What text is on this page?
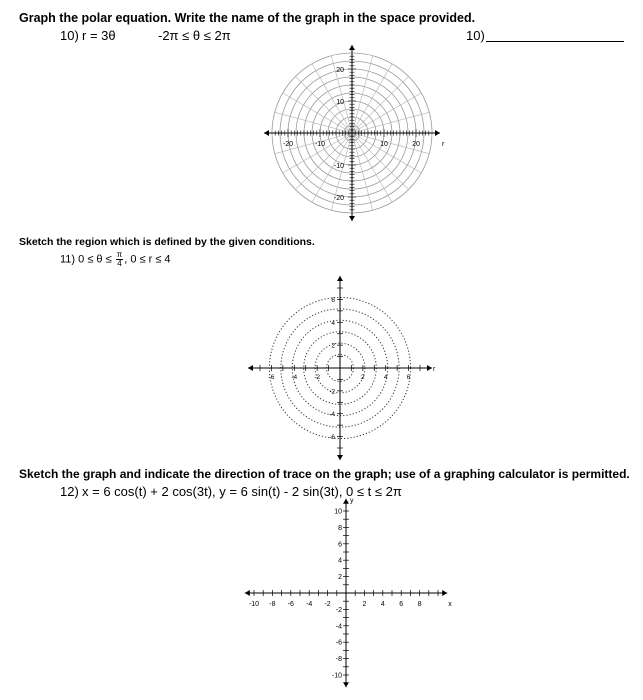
Graph the polar equation. Write the name of the graph in the space provided.
10) r = 3θ	-2π ≤ θ ≤ 2π	10)
-20
-20
-10
-10
10
10
20
20
r
Sketch the region which is defined by the given conditions.
11) $0 \le \theta \le \frac{\pi}{4}$ , 0 ≤ r ≤ 4
-6
-6
-4
-4
-2
-2
2
2
4
4
6
6
r
Sketch the graph and indicate the direction of trace on the graph; use of a graphing calculator is permitted.
12) x = 6 cos(t) + 2 cos(3t), y = 6 sin(t) - 2 sin(3t), 0 ≤ t ≤ 2π
-10 -8 -6 -4 -2	2 4 6 8
10
8
6
4
2
-2
-4
-6
-8
-10
x
y
